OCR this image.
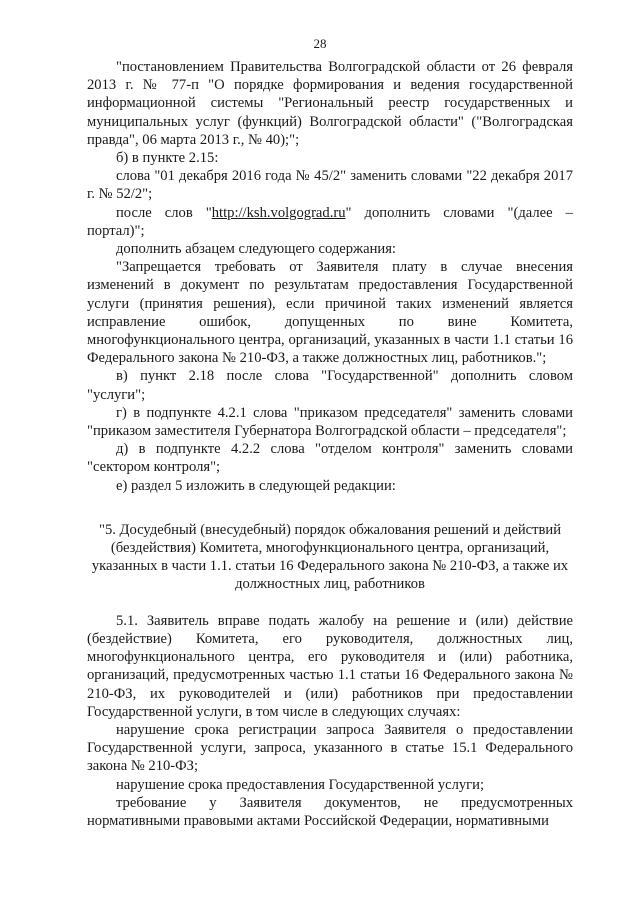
28

"постановлением Правительства Волгоградской области от 26 февраля 2013 г. № 77-п "О порядке формирования и ведения государственной информационной системы "Региональный реестр государственных и муниципальных услуг (функций) Волгоградской области" ("Волгоградская правда", 06 марта 2013 г., № 40);";

б) в пункте 2.15:

слова "01 декабря 2016 года № 45/2" заменить словами "22 декабря 2017 г. № 52/2";

после слов "http://ksh.volgograd.ru" дополнить словами "(далее – портал)";

дополнить абзацем следующего содержания:

"Запрещается требовать от Заявителя плату в случае внесения изменений в документ по результатам предоставления Государственной услуги (принятия решения), если причиной таких изменений является исправление ошибок, допущенных по вине Комитета, многофункционального центра, организаций, указанных в части 1.1 статьи 16 Федерального закона № 210-ФЗ, а также должностных лиц, работников.";

в) пункт 2.18 после слова "Государственной" дополнить словом "услуги";

г) в подпункте 4.2.1 слова "приказом председателя" заменить словами "приказом заместителя Губернатора Волгоградской области – председателя";

д) в подпункте 4.2.2 слова "отделом контроля" заменить словами "сектором контроля";

е) раздел 5 изложить в следующей редакции:

"5. Досудебный (внесудебный) порядок обжалования решений и действий (бездействия) Комитета, многофункционального центра, организаций, указанных в части 1.1. статьи 16 Федерального закона № 210-ФЗ, а также их должностных лиц, работников

5.1. Заявитель вправе подать жалобу на решение и (или) действие (бездействие) Комитета, его руководителя, должностных лиц, многофункционального центра, его руководителя и (или) работника, организаций, предусмотренных частью 1.1 статьи 16 Федерального закона № 210-ФЗ, их руководителей и (или) работников при предоставлении Государственной услуги, в том числе в следующих случаях:

нарушение срока регистрации запроса Заявителя о предоставлении Государственной услуги, запроса, указанного в статье 15.1 Федерального закона № 210-ФЗ;

нарушение срока предоставления Государственной услуги;

требование у Заявителя документов, не предусмотренных нормативными правовыми актами Российской Федерации, нормативными
